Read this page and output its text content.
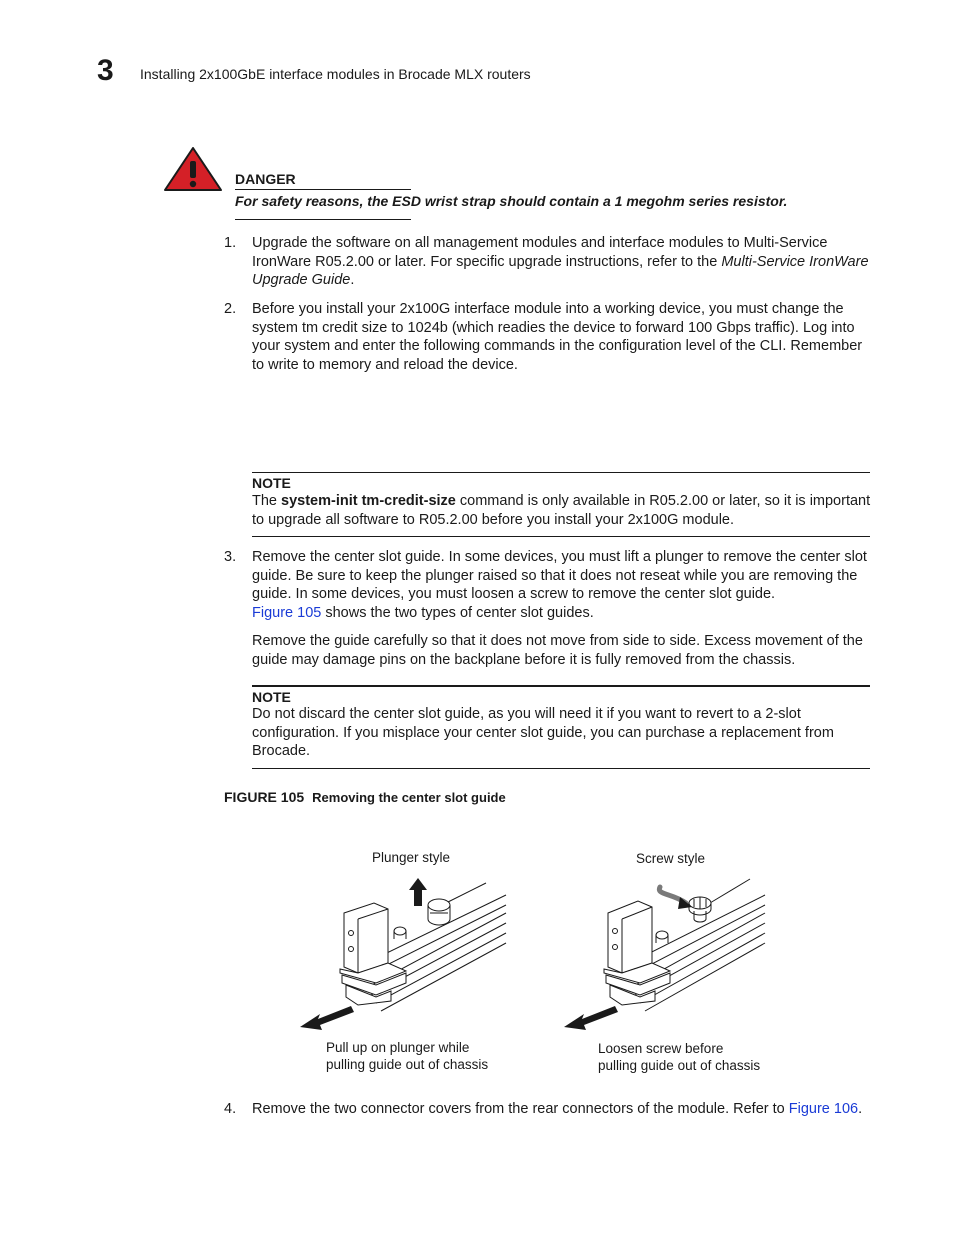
3 Installing 2x100GbE interface modules in Brocade MLX routers
DANGER
For safety reasons, the ESD wrist strap should contain a 1 megohm series resistor.
1. Upgrade the software on all management modules and interface modules to Multi-Service IronWare R05.2.00 or later. For specific upgrade instructions, refer to the Multi-Service IronWare Upgrade Guide.
2. Before you install your 2x100G interface module into a working device, you must change the system tm credit size to 1024b (which readies the device to forward 100 Gbps traffic). Log into your system and enter the following commands in the configuration level of the CLI. Remember to write to memory and reload the device.
NOTE
The system-init tm-credit-size command is only available in R05.2.00 or later, so it is important to upgrade all software to R05.2.00 before you install your 2x100G module.
3. Remove the center slot guide. In some devices, you must lift a plunger to remove the center slot guide. Be sure to keep the plunger raised so that it does not reseat while you are removing the guide. In some devices, you must loosen a screw to remove the center slot guide.
Figure 105 shows the two types of center slot guides.
Remove the guide carefully so that it does not move from side to side. Excess movement of the guide may damage pins on the backplane before it is fully removed from the chassis.
NOTE
Do not discard the center slot guide, as you will need it if you want to revert to a 2-slot configuration. If you misplace your center slot guide, you can purchase a replacement from Brocade.
FIGURE 105 Removing the center slot guide
Plunger style	Screw style
Pull up on plunger while
pulling guide out of chassis
Loosen screw before
pulling guide out of chassis
4. Remove the two connector covers from the rear connectors of the module. Refer to Figure 106.
